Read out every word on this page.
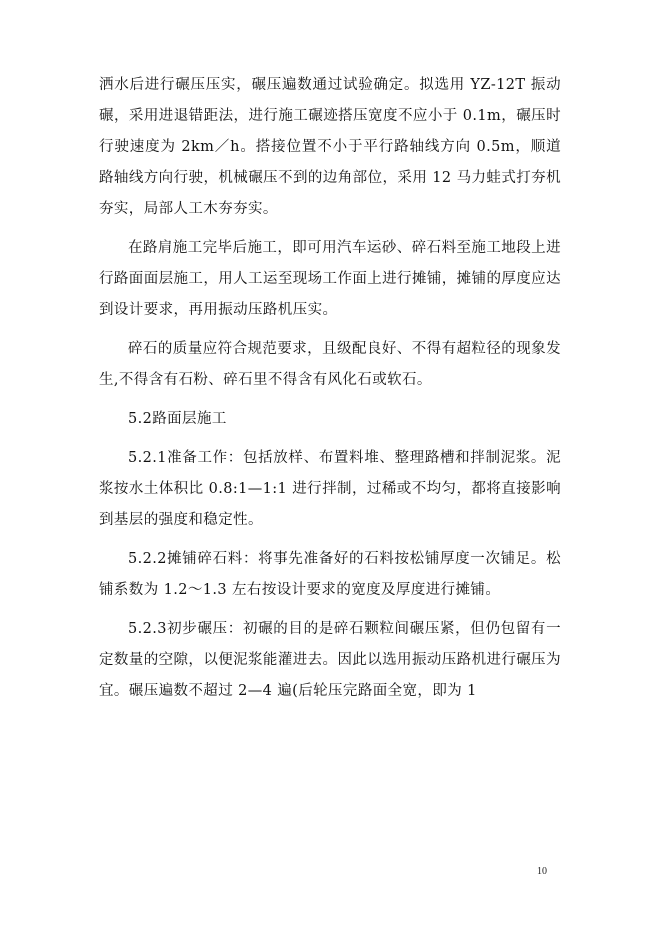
洒水后进行碾压压实，碾压遍数通过试验确定。拟选用 YZ-12T 振动碾，采用进退错距法，进行施工碾迹搭压宽度不应小于 0.1m，碾压时行驶速度为 2km／h。搭接位置不小于平行路轴线方向 0.5m，顺道路轴线方向行驶，机械碾压不到的边角部位，采用 12 马力蛙式打夯机夯实，局部人工木夯夯实。

在路肩施工完毕后施工，即可用汽车运砂、碎石料至施工地段上进行路面面层施工，用人工运至现场工作面上进行摊铺，摊铺的厚度应达到设计要求，再用振动压路机压实。

碎石的质量应符合规范要求，且级配良好、不得有超粒径的现象发生,不得含有石粉、碎石里不得含有风化石或软石。

5.2路面层施工

5.2.1准备工作：包括放样、布置料堆、整理路槽和拌制泥浆。泥浆按水土体积比 0.8:1—1:1 进行拌制，过稀或不均匀，都将直接影响到基层的强度和稳定性。

5.2.2摊铺碎石料：将事先准备好的石料按松铺厚度一次铺足。松铺系数为 1.2～1.3 左右按设计要求的宽度及厚度进行摊铺。

5.2.3初步碾压：初碾的目的是碎石颗粒间碾压紧，但仍包留有一定数量的空隙，以便泥浆能灌进去。因此以选用振动压路机进行碾压为宜。碾压遍数不超过 2—4 遍(后轮压完路面全宽，即为 1

10
